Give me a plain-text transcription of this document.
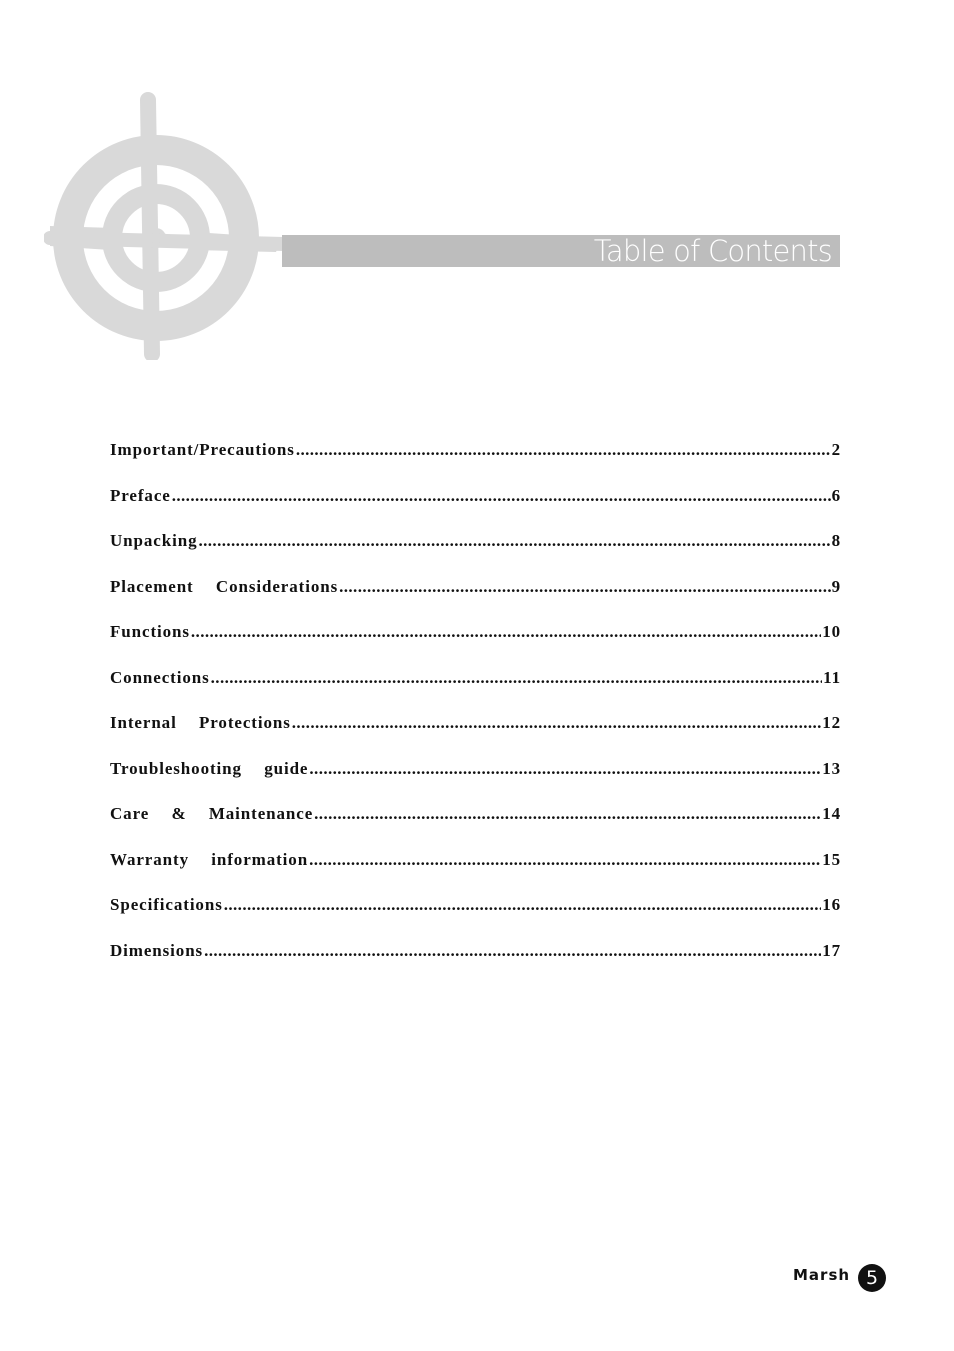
Table of Contents
Important/Precautions .....	2
Preface .....	6
Unpacking .....	8
Placement  Considerations .....	9
Functions .....	10
Connections .....	11
Internal  Protections .....	12
Troubleshooting  guide .....	13
Care  &  Maintenance .....	14
Warranty  information .....	15
Specifications .....	16
Dimensions .....	17
Marsh 5
